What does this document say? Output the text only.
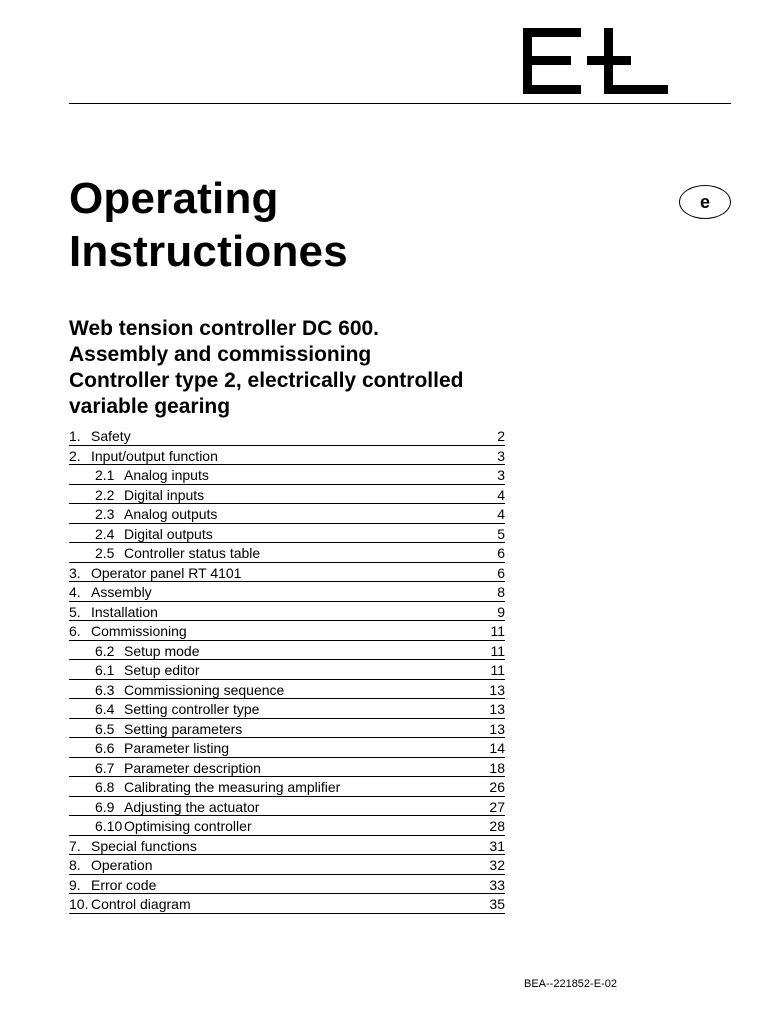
Operating
Instructiones
e
Web tension controller DC 600.
Assembly and commissioning
Controller type 2, electrically controlled
variable gearing
1. Safety	2
2. Input/output function	3
2.1 Analog inputs	3
2.2 Digital inputs	4
2.3 Analog outputs	4
2.4 Digital outputs	5
2.5 Controller status table	6
3. Operator panel RT 4101	6
4. Assembly	8
5. Installation	9
6. Commissioning	11
6.2 Setup mode	11
6.1 Setup editor	11
6.3 Commissioning sequence	13
6.4 Setting controller type	13
6.5 Setting parameters	13
6.6 Parameter listing	14
6.7 Parameter description	18
6.8 Calibrating the measuring amplifier	26
6.9 Adjusting the actuator	27
6.10 Optimising controller	28
7. Special functions	31
8. Operation	32
9. Error code	33
10. Control diagram	35
BEA--221852-E-02
